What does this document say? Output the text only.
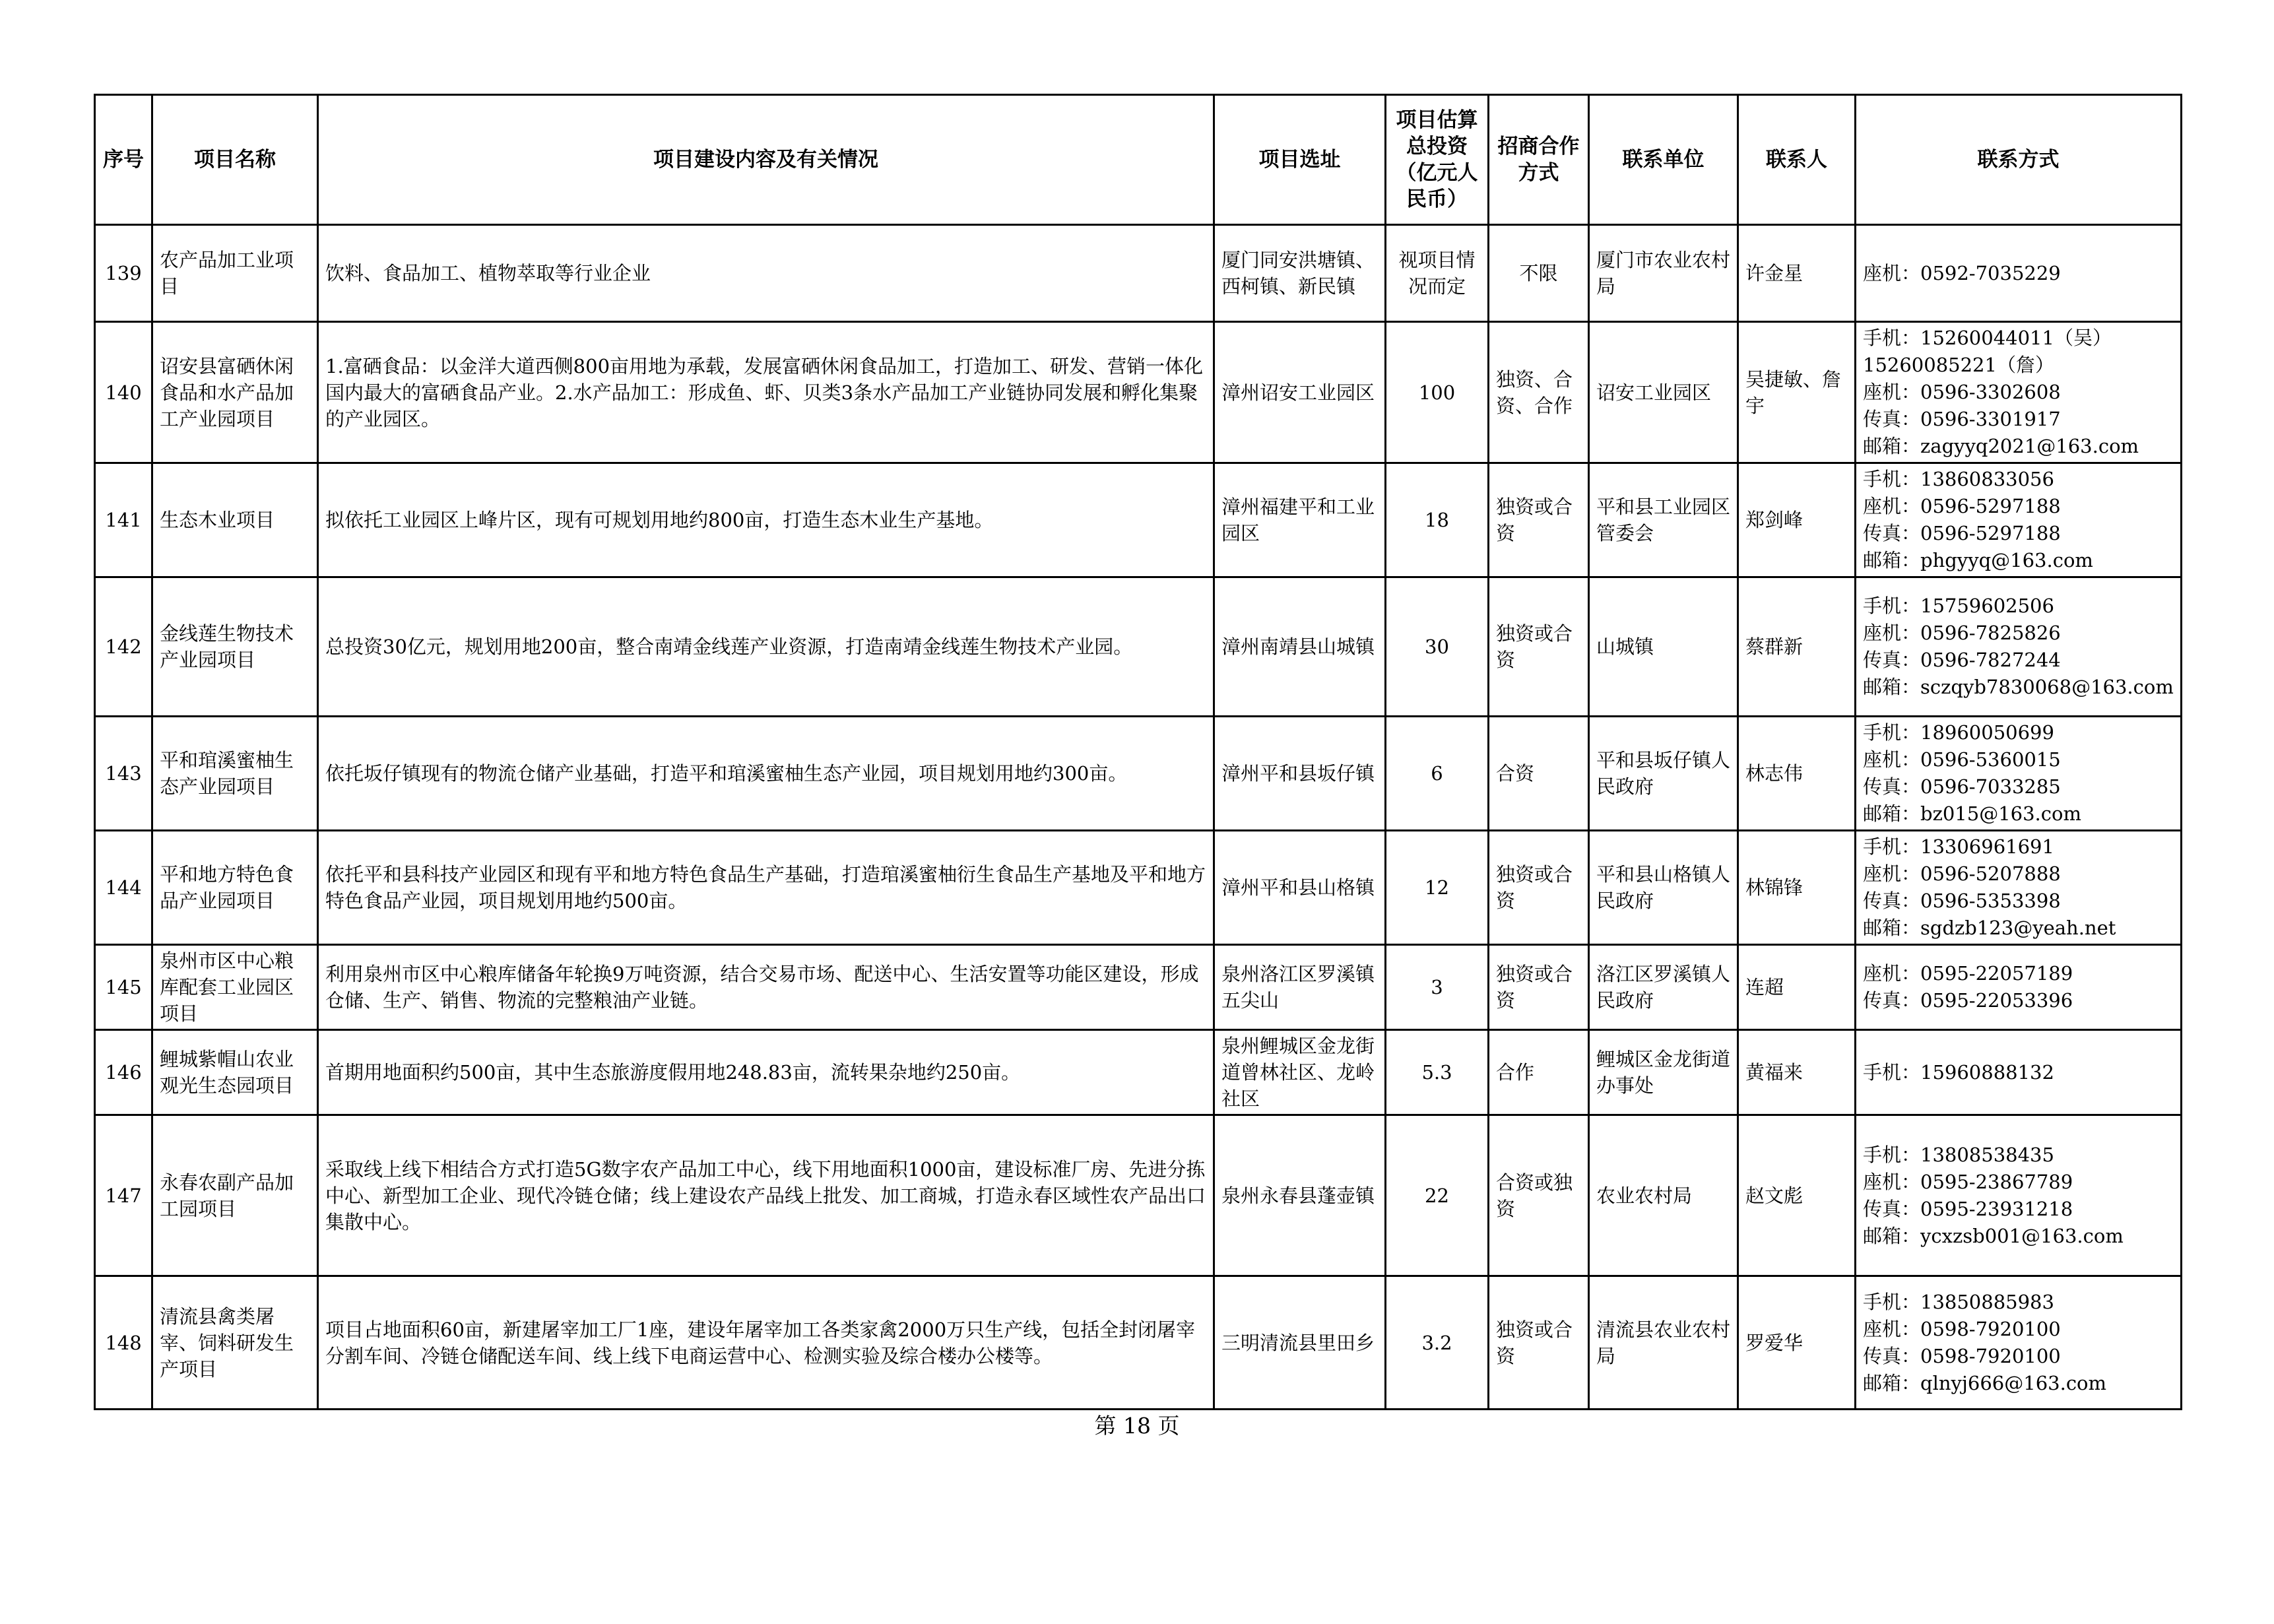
序号	项目名称	项目建设内容及有关情况	项目选址	项目估算总投资（亿元人民币）	招商合作方式	联系单位	联系人	联系方式
139	农产品加工业项目	饮料、食品加工、植物萃取等行业企业	厦门同安洪塘镇、西柯镇、新民镇	视项目情况而定	不限	厦门市农业农村局	许金星	座机：0592-7035229
140	诏安县富硒休闲食品和水产品加工产业园项目	1.富硒食品：以金洋大道西侧800亩用地为承载，发展富硒休闲食品加工，打造加工、研发、营销一体化国内最大的富硒食品产业。2.水产品加工：形成鱼、虾、贝类3条水产品加工产业链协同发展和孵化集聚的产业园区。	漳州诏安工业园区	100	独资、合资、合作	诏安工业园区	吴捷敏、詹宇	手机：15260044011（吴）
15260085221（詹）
座机：0596-3302608
传真：0596-3301917
邮箱：zagyyq2021@163.com
141	生态木业项目	拟依托工业园区上峰片区，现有可规划用地约800亩，打造生态木业生产基地。	漳州福建平和工业园区	18	独资或合资	平和县工业园区管委会	郑剑峰	手机：13860833056
座机：0596-5297188
传真：0596-5297188
邮箱：phgyyq@163.com
142	金线莲生物技术产业园项目	总投资30亿元，规划用地200亩，整合南靖金线莲产业资源，打造南靖金线莲生物技术产业园。	漳州南靖县山城镇	30	独资或合资	山城镇	蔡群新	手机：15759602506
座机：0596-7825826
传真：0596-7827244
邮箱：sczqyb7830068@163.com
143	平和琯溪蜜柚生态产业园项目	依托坂仔镇现有的物流仓储产业基础，打造平和琯溪蜜柚生态产业园，项目规划用地约300亩。	漳州平和县坂仔镇	6	合资	平和县坂仔镇人民政府	林志伟	手机：18960050699
座机：0596-5360015
传真：0596-7033285
邮箱：bz015@163.com
144	平和地方特色食品产业园项目	依托平和县科技产业园区和现有平和地方特色食品生产基础，打造琯溪蜜柚衍生食品生产基地及平和地方特色食品产业园，项目规划用地约500亩。	漳州平和县山格镇	12	独资或合资	平和县山格镇人民政府	林锦锋	手机：13306961691
座机：0596-5207888
传真：0596-5353398
邮箱：sgdzb123@yeah.net
145	泉州市区中心粮库配套工业园区项目	利用泉州市区中心粮库储备年轮换9万吨资源，结合交易市场、配送中心、生活安置等功能区建设，形成仓储、生产、销售、物流的完整粮油产业链。	泉州洛江区罗溪镇五尖山	3	独资或合资	洛江区罗溪镇人民政府	连超	座机：0595-22057189
传真：0595-22053396
146	鲤城紫帽山农业观光生态园项目	首期用地面积约500亩，其中生态旅游度假用地248.83亩，流转果杂地约250亩。	泉州鲤城区金龙街道曾林社区、龙岭社区	5.3	合作	鲤城区金龙街道办事处	黄福来	手机：15960888132
147	永春农副产品加工园项目	采取线上线下相结合方式打造5G数字农产品加工中心，线下用地面积1000亩，建设标准厂房、先进分拣中心、新型加工企业、现代冷链仓储；线上建设农产品线上批发、加工商城，打造永春区域性农产品出口集散中心。	泉州永春县蓬壶镇	22	合资或独资	农业农村局	赵文彪	手机：13808538435
座机：0595-23867789
传真：0595-23931218
邮箱：ycxzsb001@163.com
148	清流县禽类屠宰、饲料研发生产项目	项目占地面积60亩，新建屠宰加工厂1座，建设年屠宰加工各类家禽2000万只生产线，包括全封闭屠宰分割车间、冷链仓储配送车间、线上线下电商运营中心、检测实验及综合楼办公楼等。	三明清流县里田乡	3.2	独资或合资	清流县农业农村局	罗爱华	手机：13850885983
座机：0598-7920100
传真：0598-7920100
邮箱：qlnyj666@163.com
第 18 页
